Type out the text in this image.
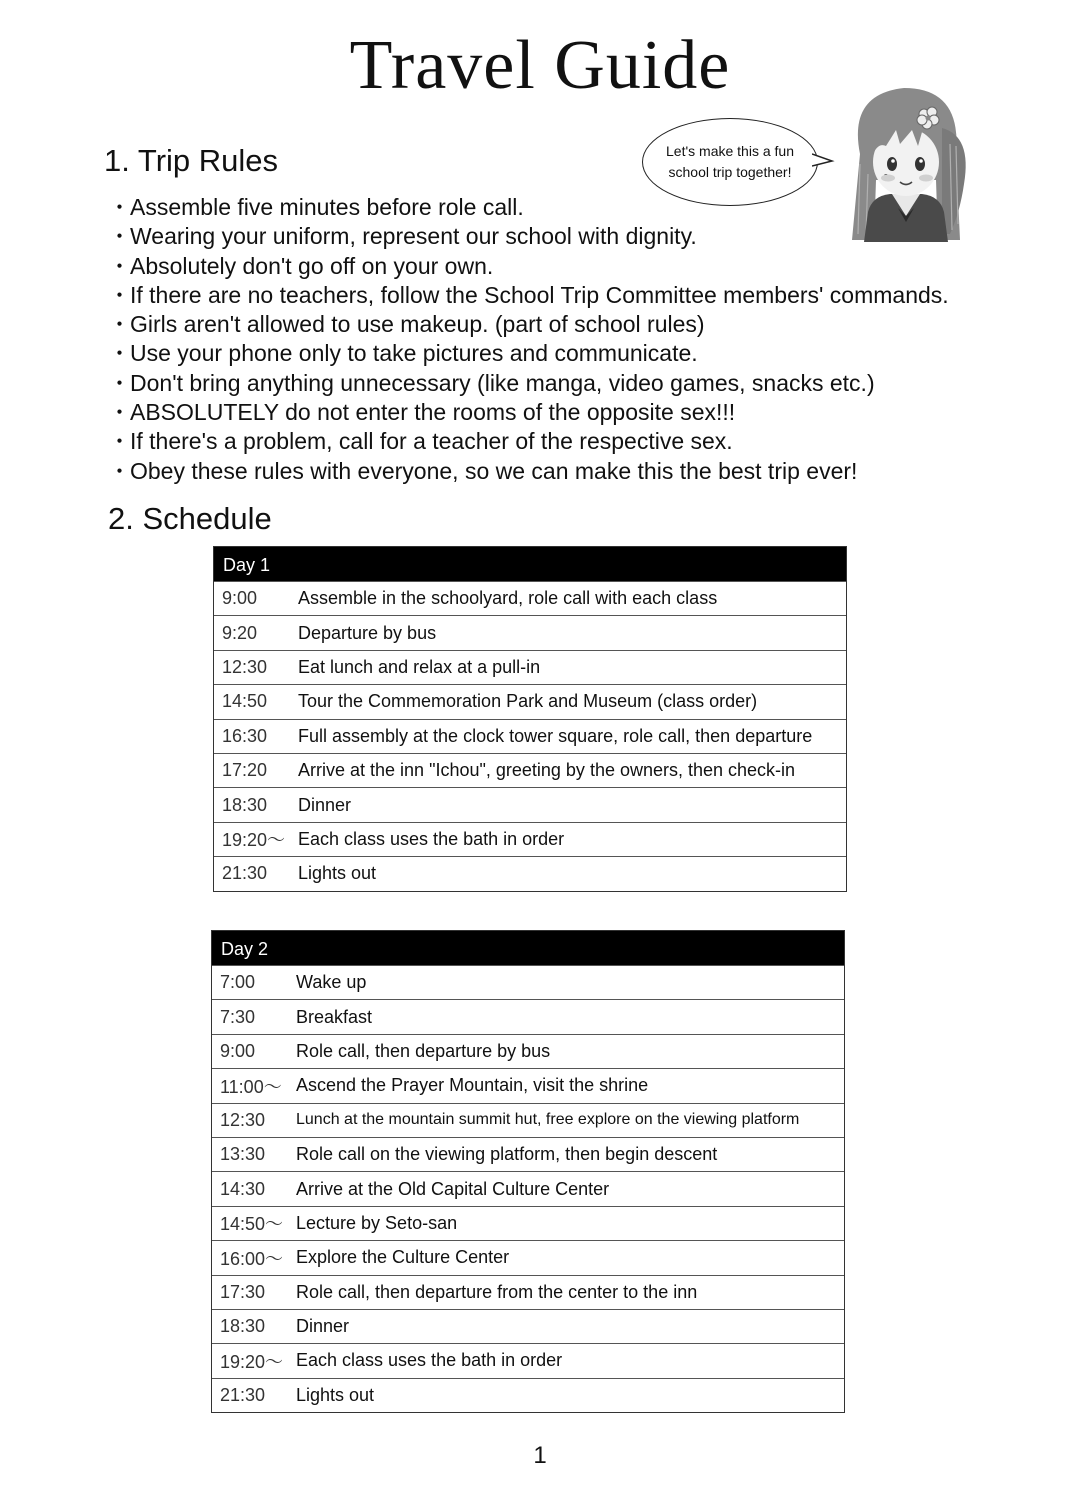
Travel Guide
1. Trip Rules
・Assemble five minutes before role call.
・Wearing your uniform, represent our school with dignity.
・Absolutely don't go off on your own.
・If there are no teachers, follow the School Trip Committee members' commands.
・Girls aren't allowed to use makeup. (part of school rules)
・Use your phone only to take pictures and communicate.
・Don't bring anything unnecessary (like manga, video games, snacks etc.)
・ABSOLUTELY do not enter the rooms of the opposite sex!!!
・If there's a problem, call for a teacher of the respective sex.
・Obey these rules with everyone, so we can make this the best trip ever!
Let's make this a fun
school trip together!
2. Schedule
Day 1
9:00	Assemble in the schoolyard, role call with each class
9:20	Departure by bus
12:30	Eat lunch and relax at a pull-in
14:50	Tour the Commemoration Park and Museum (class order)
16:30	Full assembly at the clock tower square, role call, then departure
17:20	Arrive at the inn "Ichou", greeting by the owners, then check-in
18:30	Dinner
19:20〜 Each class uses the bath in order
21:30	Lights out
Day 2
7:00	Wake up
7:30	Breakfast
9:00	Role call, then departure by bus
11:00〜 Ascend the Prayer Mountain, visit the shrine
12:30	Lunch at the mountain summit hut, free explore on the viewing platform
13:30	Role call on the viewing platform, then begin descent
14:30	Arrive at the Old Capital Culture Center
14:50〜 Lecture by Seto-san
16:00〜 Explore the Culture Center
17:30	Role call, then departure from the center to the inn
18:30	Dinner
19:20〜 Each class uses the bath in order
21:30	Lights out
1
